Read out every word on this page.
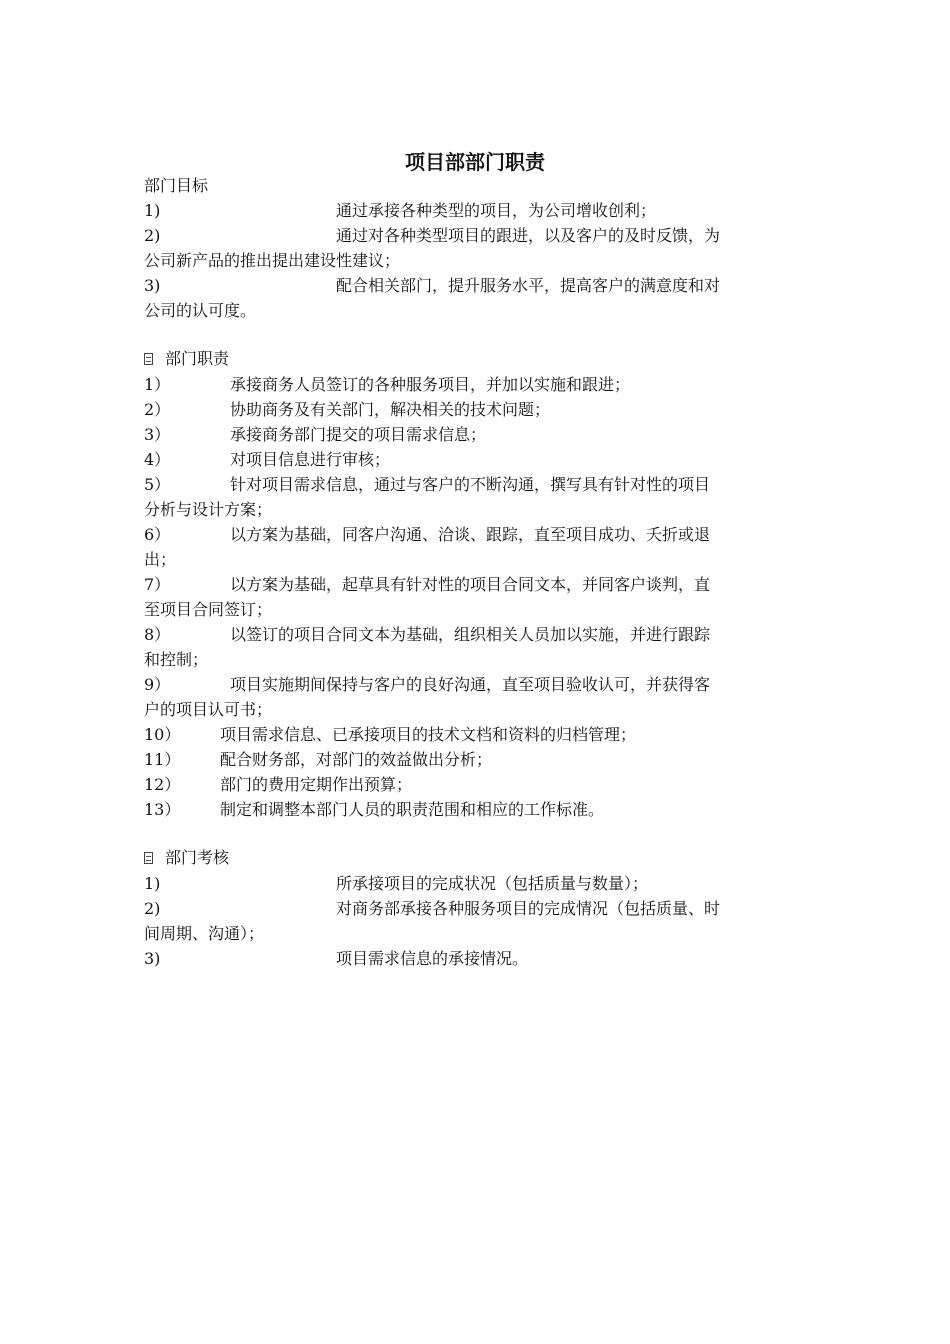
项目部部门职责
部门目标
1)	通过承接各种类型的项目，为公司增收创利；
2)	通过对各种类型项目的跟进，以及客户的及时反馈，为
公司新产品的推出提出建设性建议；
3)	配合相关部门，提升服务水平，提高客户的满意度和对
公司的认可度。
部门职责
1）	承接商务人员签订的各种服务项目，并加以实施和跟进；
2）	协助商务及有关部门，解决相关的技术问题；
3）	承接商务部门提交的项目需求信息；
4）	对项目信息进行审核；
5）	针对项目需求信息，通过与客户的不断沟通，撰写具有针对性的项目
分析与设计方案；
6）	以方案为基础，同客户沟通、洽谈、跟踪，直至项目成功、夭折或退
出；
7）	以方案为基础，起草具有针对性的项目合同文本，并同客户谈判，直
至项目合同签订；
8）	以签订的项目合同文本为基础，组织相关人员加以实施，并进行跟踪
和控制；
9）	项目实施期间保持与客户的良好沟通，直至项目验收认可，并获得客
户的项目认可书；
10） 项目需求信息、已承接项目的技术文档和资料的归档管理；
11） 配合财务部，对部门的效益做出分析；
12） 部门的费用定期作出预算；
13） 制定和调整本部门人员的职责范围和相应的工作标准。
部门考核
1)	所承接项目的完成状况（包括质量与数量）；
2)	对商务部承接各种服务项目的完成情况（包括质量、时
间周期、沟通）；
3)	项目需求信息的承接情况。
